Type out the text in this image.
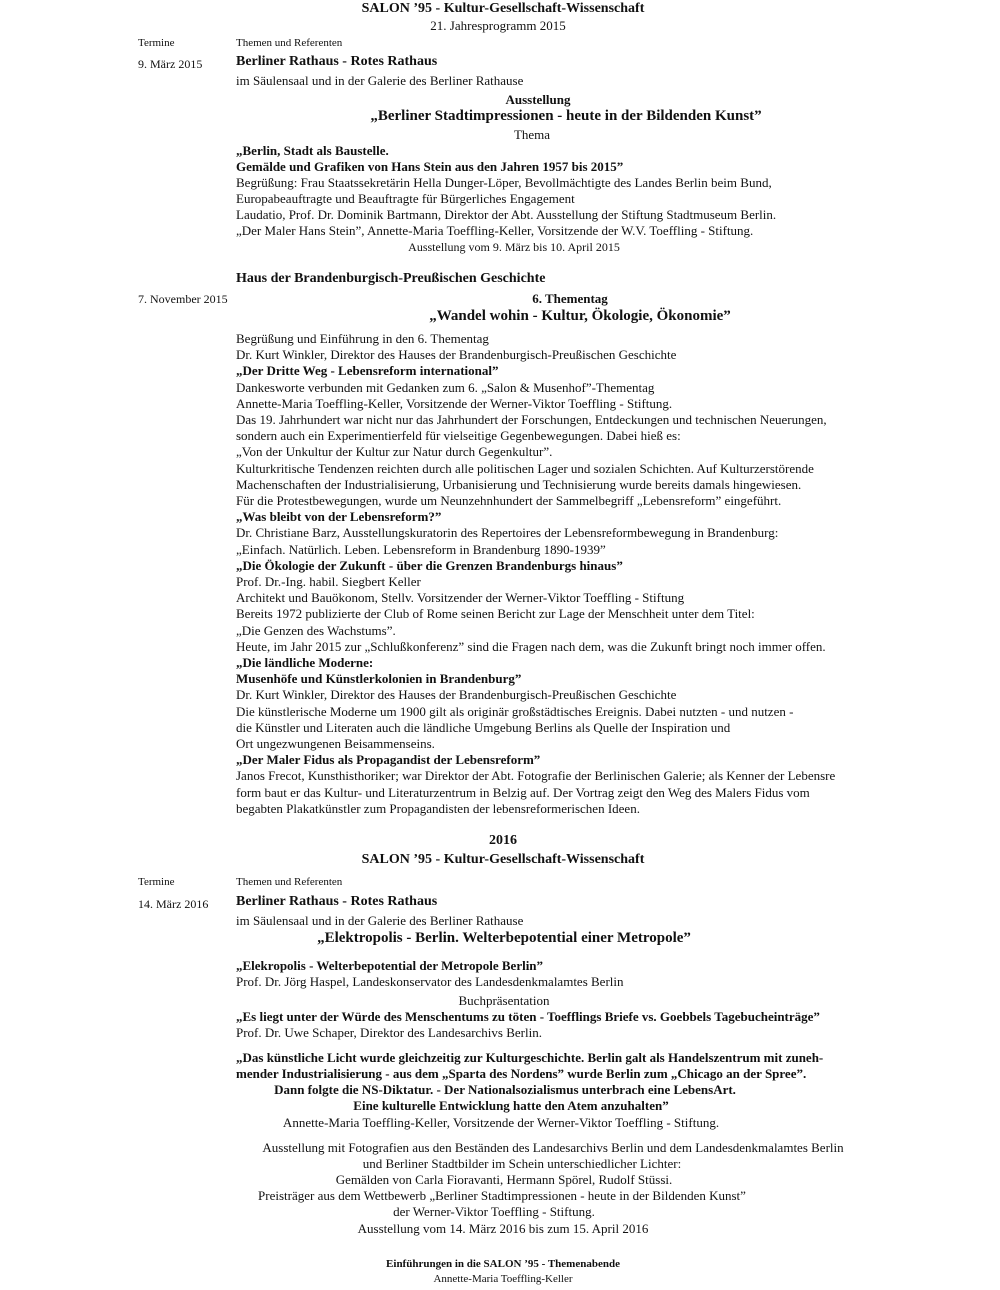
SALON ’95 - Kultur-Gesellschaft-Wissenschaft
21. Jahresprogramm 2015
Termine	Themen und Referenten
9. März 2015 Berliner Rathaus - Rotes Rathaus
im Säulensaal und in der Galerie des Berliner Rathause
Ausstellung
„Berliner Stadtimpressionen - heute in der Bildenden Kunst”
Thema
„Berlin, Stadt als Baustelle.
Gemälde und Grafiken von Hans Stein aus den Jahren 1957 bis 2015”
Begrüßung: Frau Staatssekretärin Hella Dunger-Löper, Bevollmächtigte des Landes Berlin beim Bund,
Europabeauftragte und Beauftragte für Bürgerliches Engagement
Laudatio, Prof. Dr. Dominik Bartmann, Direktor der Abt. Ausstellung der Stiftung Stadtmuseum Berlin.
„Der Maler Hans Stein”, Annette-Maria Toeffling-Keller, Vorsitzende der W.V. Toeffling - Stiftung.
Ausstellung vom 9. März bis 10. April 2015
Haus der Brandenburgisch-Preußischen Geschichte
7. November 2015	6. Thementag
„Wandel wohin - Kultur, Ökologie, Ökonomie”
Begrüßung und Einführung in den 6. Thementag
Dr. Kurt Winkler, Direktor des Hauses der Brandenburgisch-Preußischen Geschichte
„Der Dritte Weg - Lebensreform international”
Dankesworte verbunden mit Gedanken zum 6. „Salon & Musenhof”-Thementag
Annette-Maria Toeffling-Keller, Vorsitzende der Werner-Viktor Toeffling - Stiftung.
Das 19. Jahrhundert war nicht nur das Jahrhundert der Forschungen, Entdeckungen und technischen Neuerungen,
sondern auch ein Experimentierfeld für vielseitige Gegenbewegungen. Dabei hieß es:
„Von der Unkultur der Kultur zur Natur durch Gegenkultur”.
Kulturkritische Tendenzen reichten durch alle politischen Lager und sozialen Schichten. Auf Kulturzerstörende
Machenschaften der Industrialisierung, Urbanisierung und Technisierung wurde bereits damals hingewiesen.
Für die Protestbewegungen, wurde um Neunzehnhundert der Sammelbegriff „Lebensreform” eingeführt.
„Was bleibt von der Lebensreform?”
Dr. Christiane Barz, Ausstellungskuratorin des Repertoires der Lebensreformbewegung in Brandenburg:
„Einfach. Natürlich. Leben. Lebensreform in Brandenburg 1890-1939”
„Die Ökologie der Zukunft - über die Grenzen Brandenburgs hinaus”
Prof. Dr.-Ing. habil. Siegbert Keller
Architekt und Bauökonom, Stellv. Vorsitzender der Werner-Viktor Toeffling - Stiftung
Bereits 1972 publizierte der Club of Rome seinen Bericht zur Lage der Menschheit unter dem Titel:
„Die Genzen des Wachstums”.
Heute, im Jahr 2015 zur „Schlußkonferenz” sind die Fragen nach dem, was die Zukunft bringt noch immer offen.
„Die ländliche Moderne:
Musenhöfe und Künstlerkolonien in Brandenburg”
Dr. Kurt Winkler, Direktor des Hauses der Brandenburgisch-Preußischen Geschichte
Die künstlerische Moderne um 1900 gilt als originär großstädtisches Ereignis. Dabei nutzten - und nutzen -
die Künstler und Literaten auch die ländliche Umgebung Berlins als Quelle der Inspiration und
Ort ungezwungenen Beisammenseins.
„Der Maler Fidus als Propagandist der Lebensreform”
Janos Frecot, Kunsthisthoriker; war Direktor der Abt. Fotografie der Berlinischen Galerie; als Kenner der Lebensre
form baut er das Kultur- und Literaturzentrum in Belzig auf. Der Vortrag zeigt den Weg des Malers Fidus vom
begabten Plakatkünstler zum Propagandisten der lebensreformerischen Ideen.
2016
SALON ’95 - Kultur-Gesellschaft-Wissenschaft
Termine	Themen und Referenten
14. März 2016 Berliner Rathaus - Rotes Rathaus
im Säulensaal und in der Galerie des Berliner Rathause
„Elektropolis - Berlin. Welterbepotential einer Metropole”
„Elekropolis - Welterbepotential der Metropole Berlin”
Prof. Dr. Jörg Haspel, Landeskonservator des Landesdenkmalamtes Berlin
Buchpräsentation
„Es liegt unter der Würde des Menschentums zu töten - Toefflings Briefe vs. Goebbels Tagebucheinträge”
Prof. Dr. Uwe Schaper, Direktor des Landesarchivs Berlin.
„Das künstliche Licht wurde gleichzeitig zur Kulturgeschichte. Berlin galt als Handelszentrum mit zuneh-
mender Industrialisierung - aus dem „Sparta des Nordens” wurde Berlin zum „Chicago an der Spree”.
Dann folgte die NS-Diktatur. - Der Nationalsozialismus unterbrach eine LebensArt.
Eine kulturelle Entwicklung hatte den Atem anzuhalten”
Annette-Maria Toeffling-Keller, Vorsitzende der Werner-Viktor Toeffling - Stiftung.
Ausstellung mit Fotografien aus den Beständen des Landesarchivs Berlin und dem Landesdenkmalamtes Berlin
und Berliner Stadtbilder im Schein unterschiedlicher Lichter:
Gemälden von Carla Fioravanti, Hermann Spörel, Rudolf Stüssi.
Preisträger aus dem Wettbewerb „Berliner Stadtimpressionen - heute in der Bildenden Kunst”
der Werner-Viktor Toeffling - Stiftung.
Ausstellung vom 14. März 2016 bis zum 15. April 2016
Einführungen in die SALON ’95 - Themenabende
Annette-Maria Toeffling-Keller
